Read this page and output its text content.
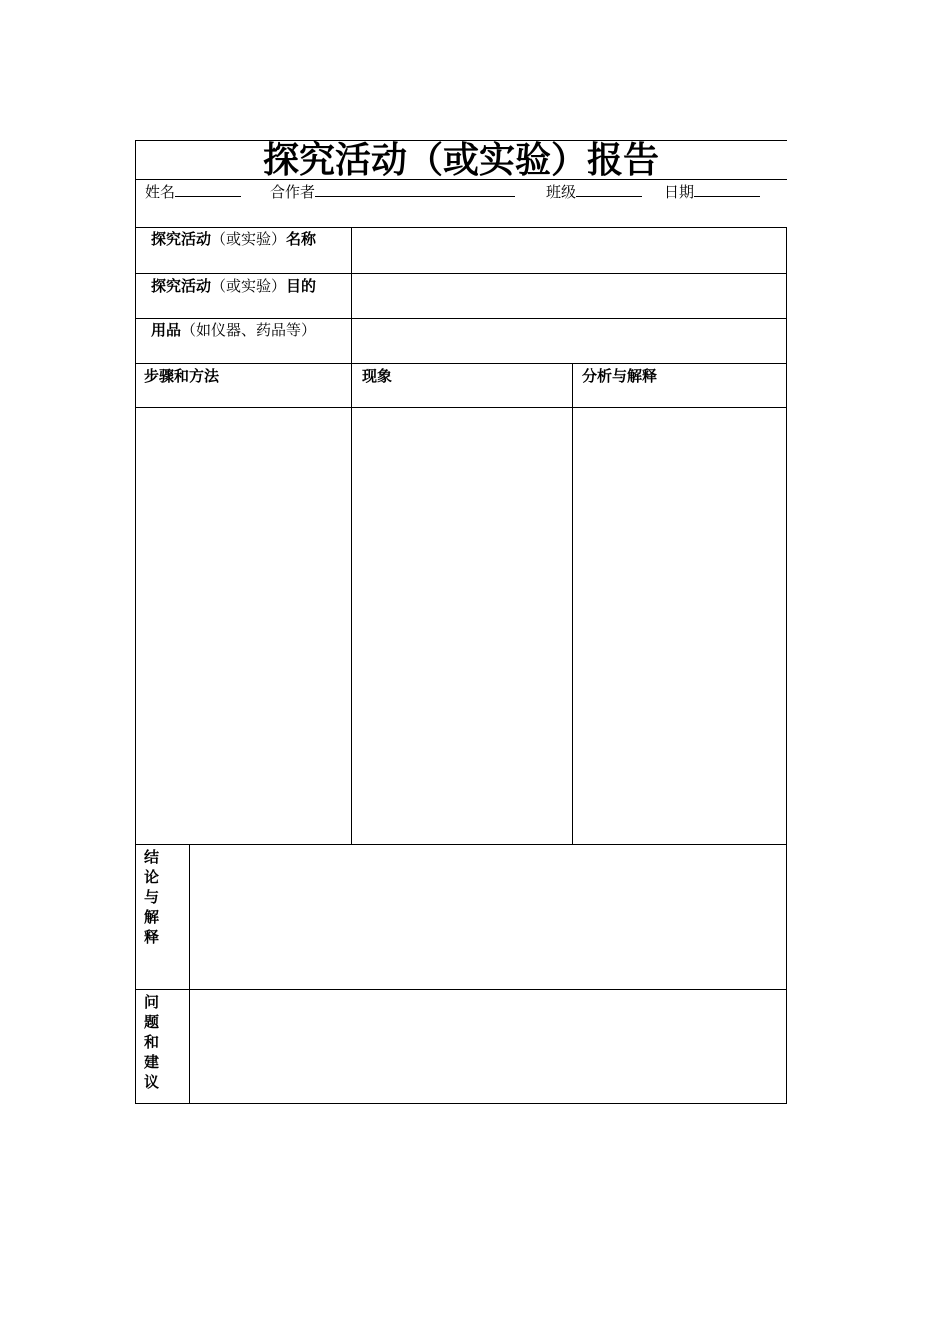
探究活动（或实验）报告
姓名	合作者	班级	日期
探究活动（或实验）名称
探究活动（或实验）目的
用品（如仪器、药品等）
步骤和方法	现象	分析与解释
结论与解释
问题和建议
